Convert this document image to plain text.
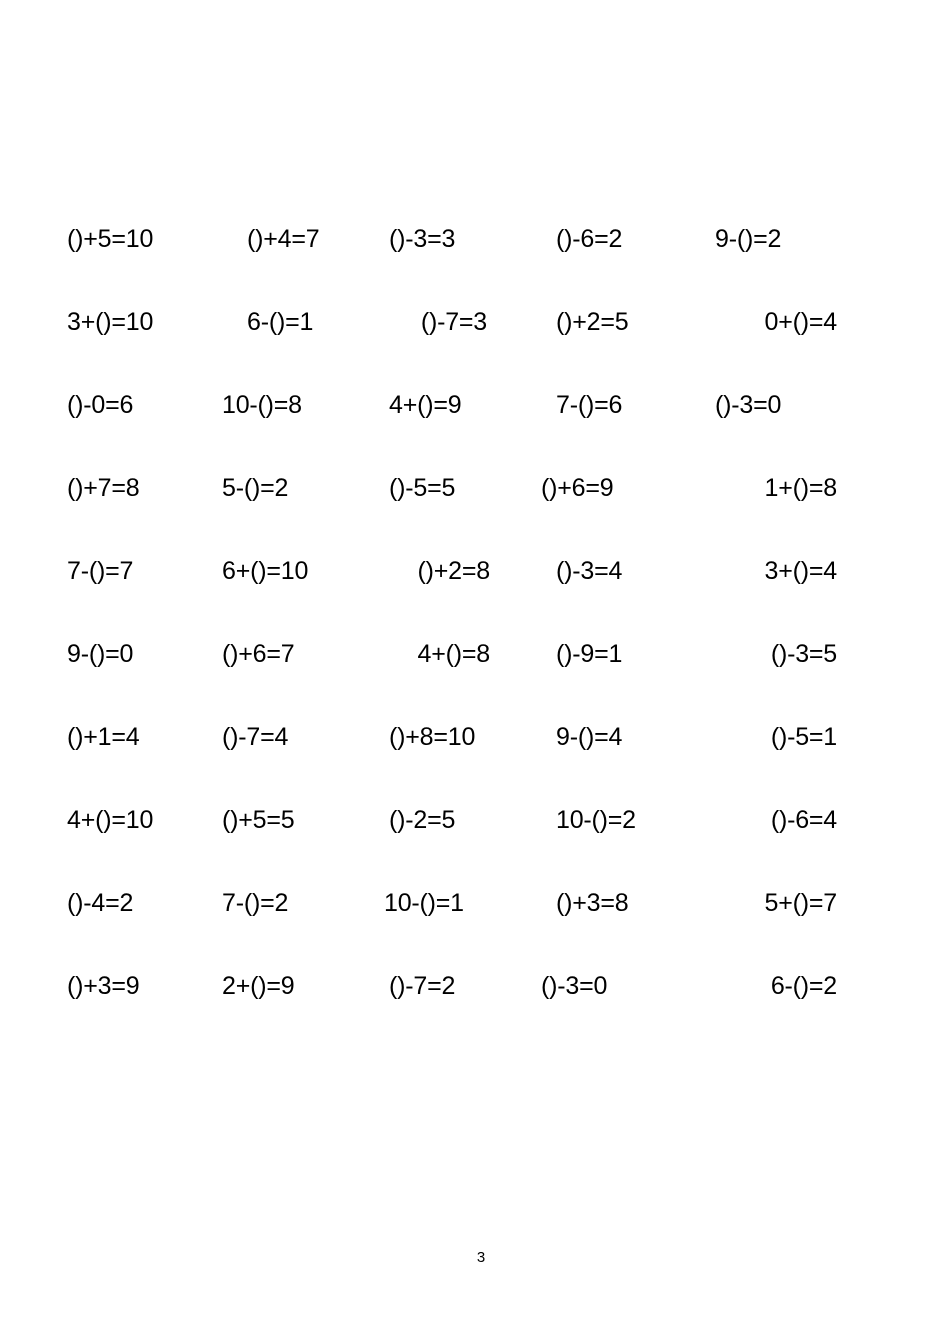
()+5=10	()+4=7	()-3=3	()-6=2	9-()=2
3+()=10	6-()=1	()-7=3	()+2=5	0+()=4
()-0=6	10-()=8	4+()=9	7-()=6	()-3=0
()+7=8	5-()=2	()-5=5	()+6=9	1+()=8
7-()=7	6+()=10	()+2=8	()-3=4	3+()=4
9-()=0	()+6=7	4+()=8	()-9=1	()-3=5
()+1=4	()-7=4	()+8=10	9-()=4	()-5=1
4+()=10	()+5=5	()-2=5	10-()=2	()-6=4
()-4=2	7-()=2	10-()=1	()+3=8	5+()=7
()+3=9	2+()=9	()-7=2	()-3=0	6-()=2
3
